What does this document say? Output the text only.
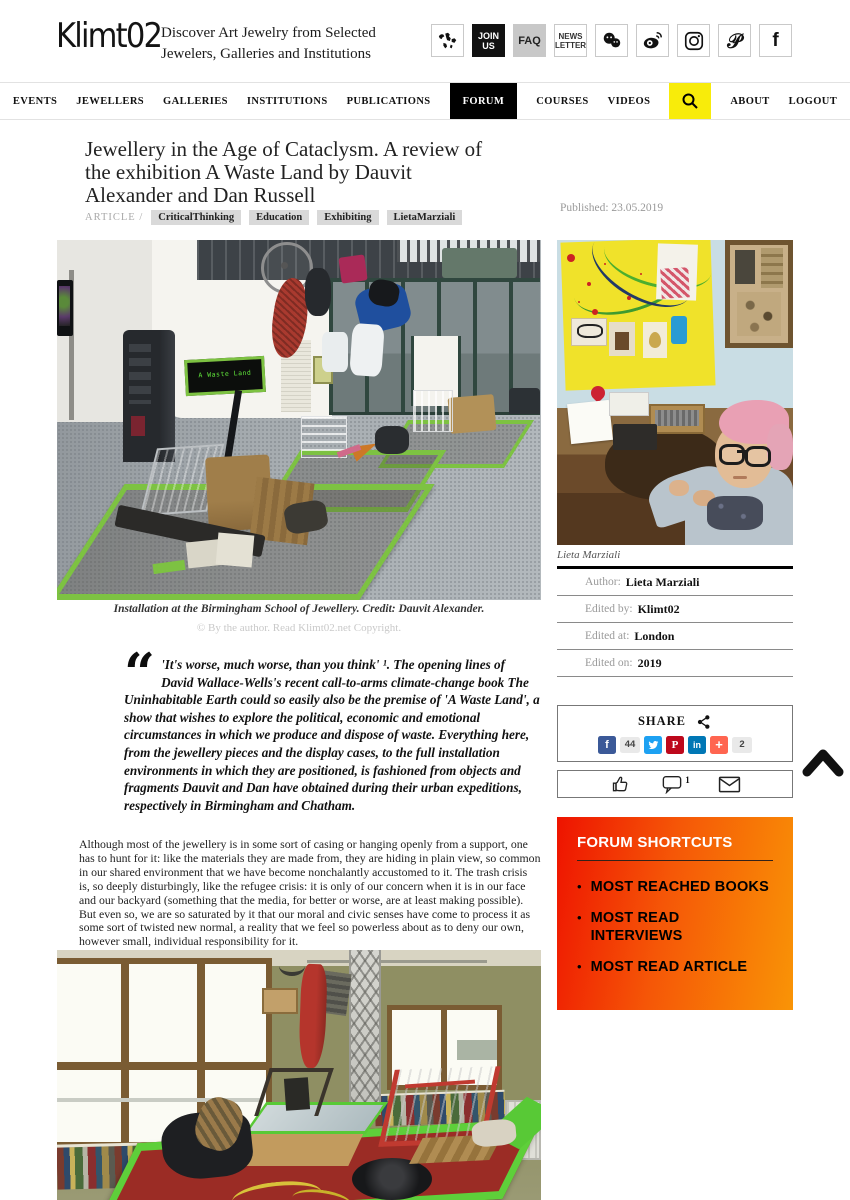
Klimt02 Discover Art Jewelry from Selected
Jewelers, Galleries and Institutions
JOIN
US FAQ NEWS
LETTER	𝒫 f
EVENTS JEWELLERS GALLERIES INSTITUTIONS PUBLICATIONS	FORUM	COURSES VIDEOS	ABOUT LOGOUT
Jewellery in the Age of Cataclysm. A review of the exhibition A Waste Land by Dauvit Alexander and Dan Russell
ARTICLE /	CriticalThinking	Education	Exhibiting	LietaMarziali
Published: 23.05.2019
A Waste Land
Installation at the Birmingham School of Jewellery. Credit: Dauvit Alexander.
© By the author. Read Klimt02.net Copyright.
“ 'It's worse, much worse, than you think' ¹. The opening lines of David Wallace-Wells's recent call-to-arms climate-change book The Uninhabitable Earth could so easily also be the premise of 'A Waste Land', a show that wishes to explore the political, economic and emotional circumstances in which we produce and dispose of waste. Everything here, from the jewellery pieces and the display cases, to the full installation environments in which they are positioned, is fashioned from objects and fragments Dauvit and Dan have obtained during their urban expeditions, respectively in Birmingham and Chatham.

Although most of the jewellery is in some sort of casing or hanging openly from a support, one has to hunt for it: like the materials they are made from, they are hiding in plain view, so common in our shared environment that we have become nonchalantly accustomed to it. The trash crisis is, so deeply disturbingly, like the refugee crisis: it is only of our concern when it is in our face and our backyard (something that the media, for better or worse, are at least making possible). But even so, we are so saturated by it that our moral and civic senses have come to process it as some sort of twisted new normal, a reality that we feel so powerless about as to deny our own, however small, individual responsibility for it.

Lieta Marziali
Author: Lieta Marziali
Edited by: Klimt02
Edited at: London
Edited on: 2019
SHARE
f	44	P	in	+	2
1
FORUM SHORTCUTS
• MOST REACHED BOOKS
• MOST READ INTERVIEWS
• MOST READ ARTICLE
